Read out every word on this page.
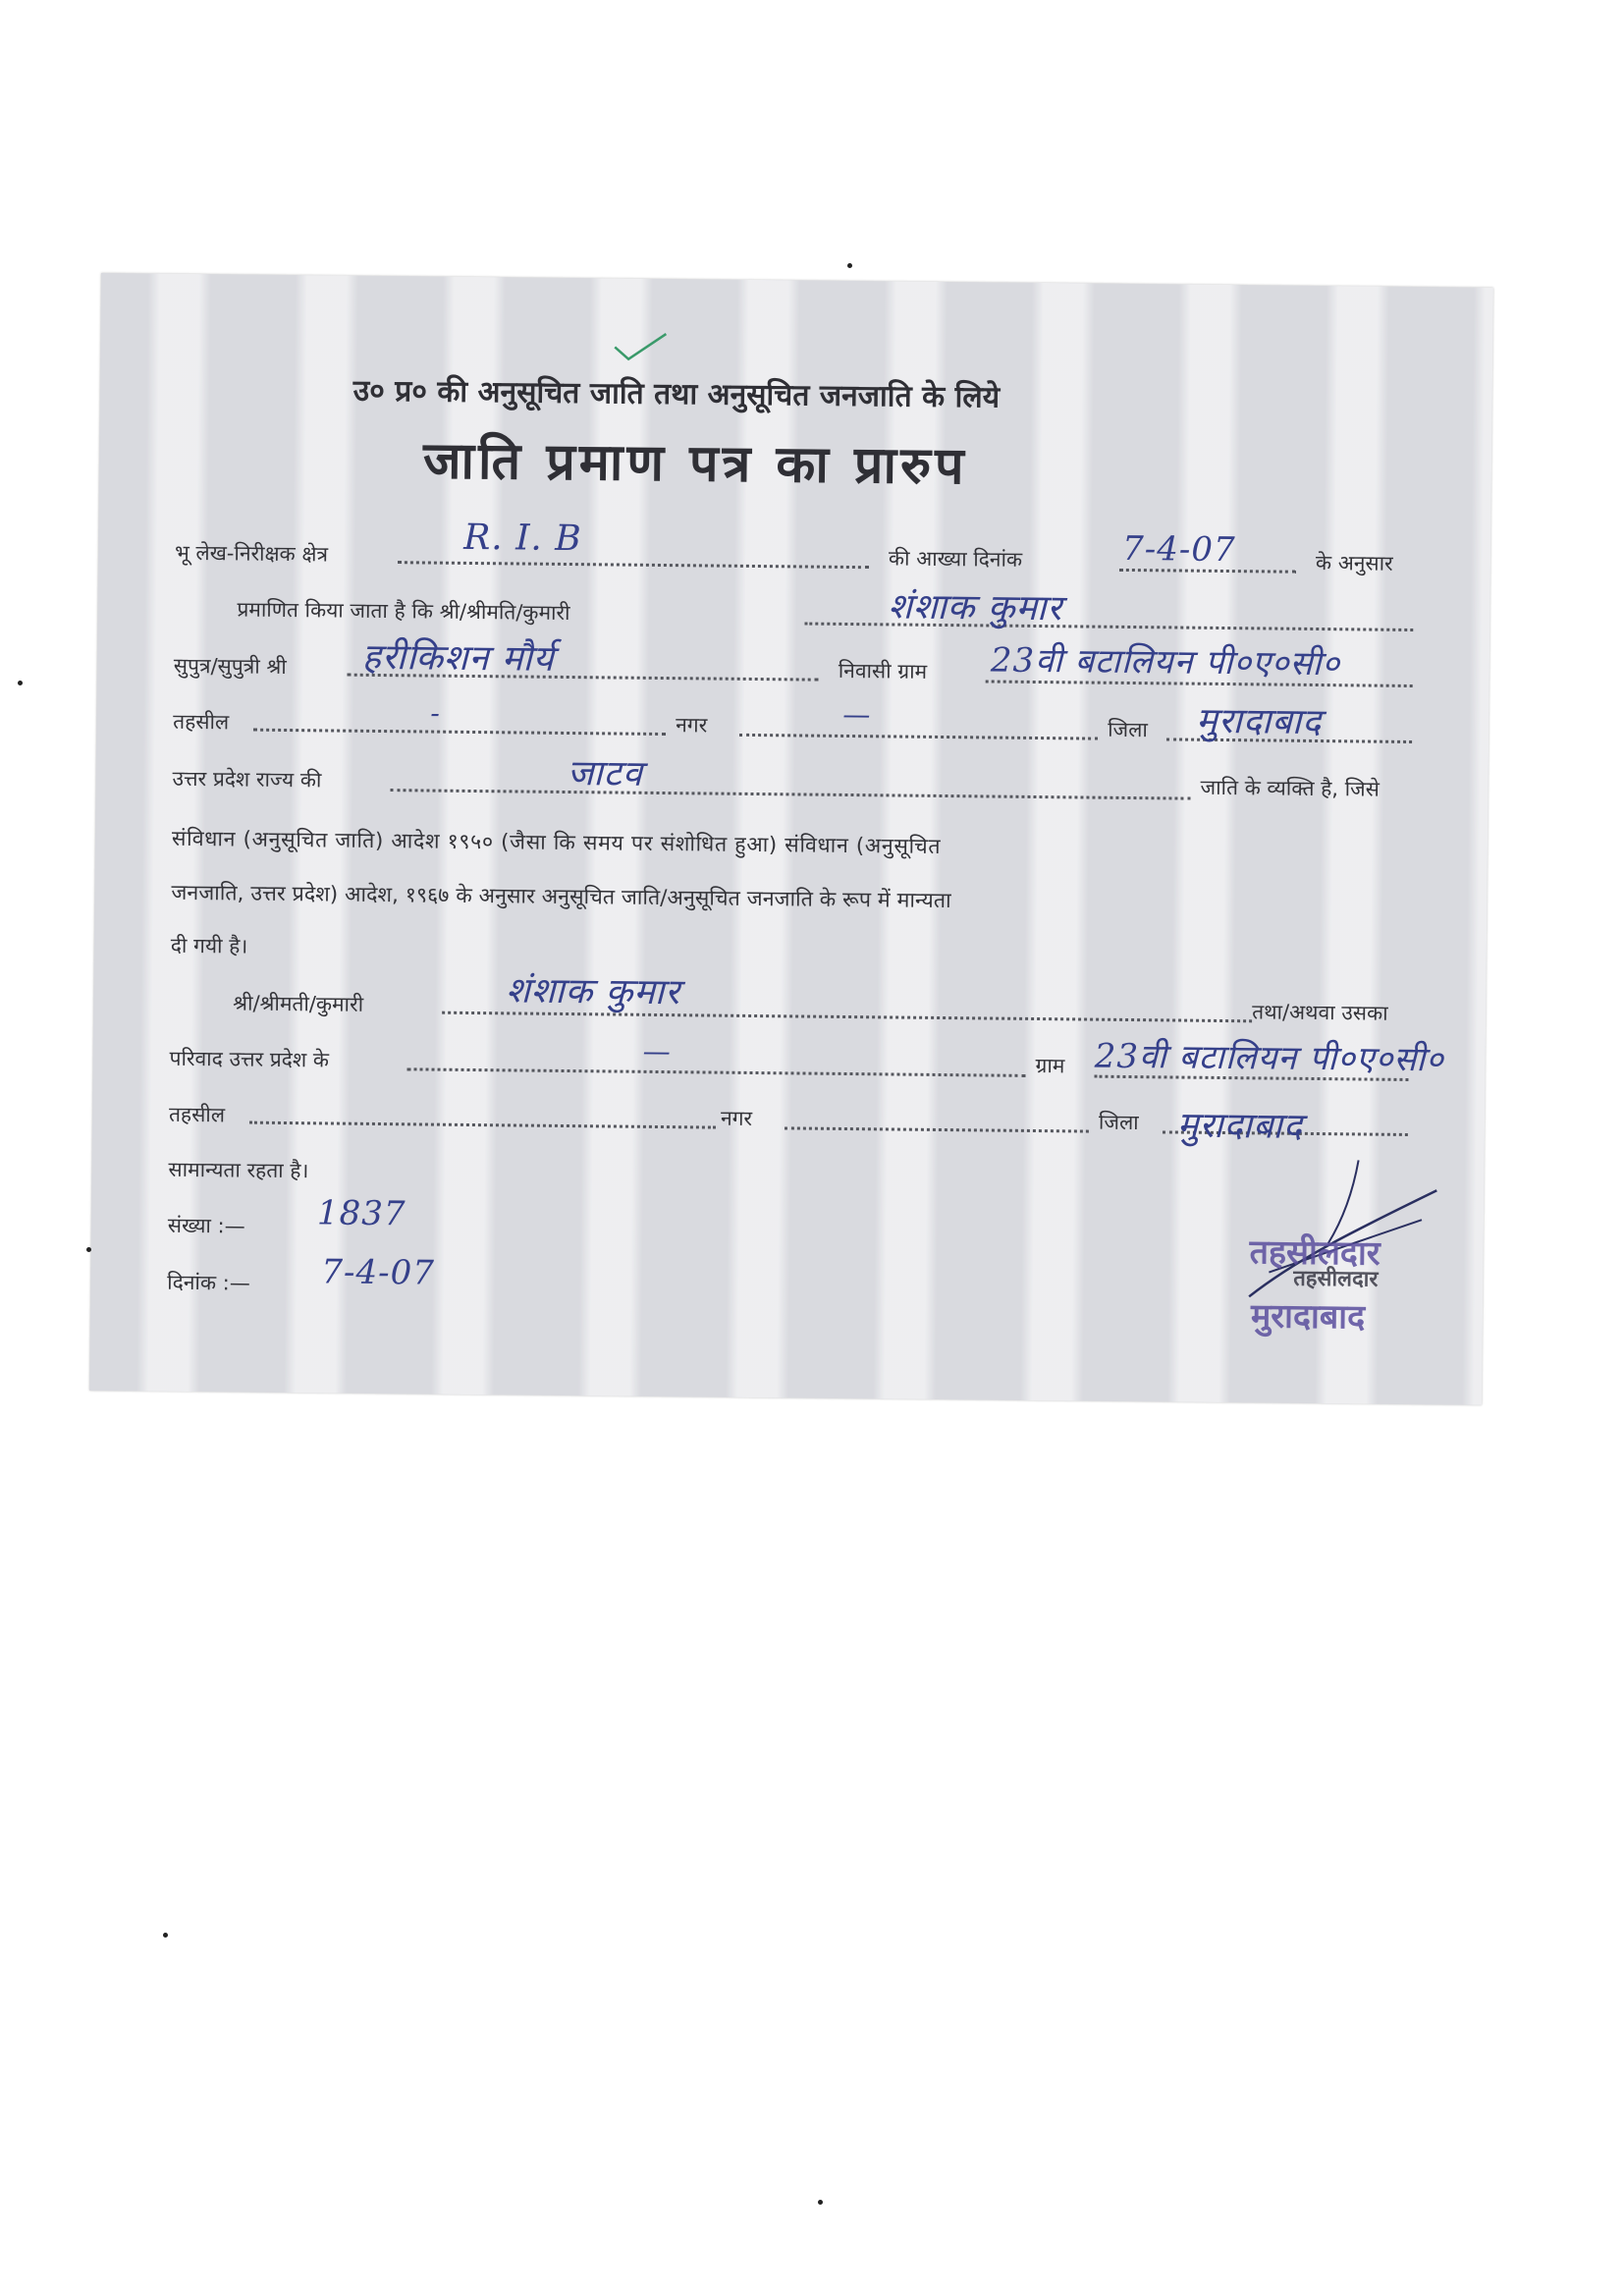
उ० प्र० की अनुसूचित जाति तथा अनुसूचित जनजाति के लिये
जाति प्रमाण पत्र का प्रारुप
भू लेख-निरीक्षक क्षेत्र	R. I. B	की आख्या दिनांक	7-4-07	के अनुसार
प्रमाणित किया जाता है कि श्री/श्रीमति/कुमारी	शंशाक कुमार
सुपुत्र/सुपुत्री श्री हरीकिशन मौर्य	निवासी ग्राम 23वी बटालियन पी०ए०सी०
तहसील	-	नगर	—	जिला मुरादाबाद
उत्तर प्रदेश राज्य की	जाटव	जाति के व्यक्ति है, जिसे
संविधान (अनुसूचित जाति) आदेश १९५० (जैसा कि समय पर संशोधित हुआ) संविधान (अनुसूचित
जनजाति, उत्तर प्रदेश) आदेश, १९६७ के अनुसार अनुसूचित जाति/अनुसूचित जनजाति के रूप में मान्यता
दी गयी है।
श्री/श्रीमती/कुमारी	शंशाक कुमार	तथा/अथवा उसका
परिवाद उत्तर प्रदेश के	—	ग्राम 23वी बटालियन पी०ए०सी०
तहसील	नगर	जिला मुरादाबाद
सामान्यता रहता है।
संख्या :— 1837
दिनांक :— 7-4-07	तहसीलदार
तहसीलदार
मुरादाबाद
